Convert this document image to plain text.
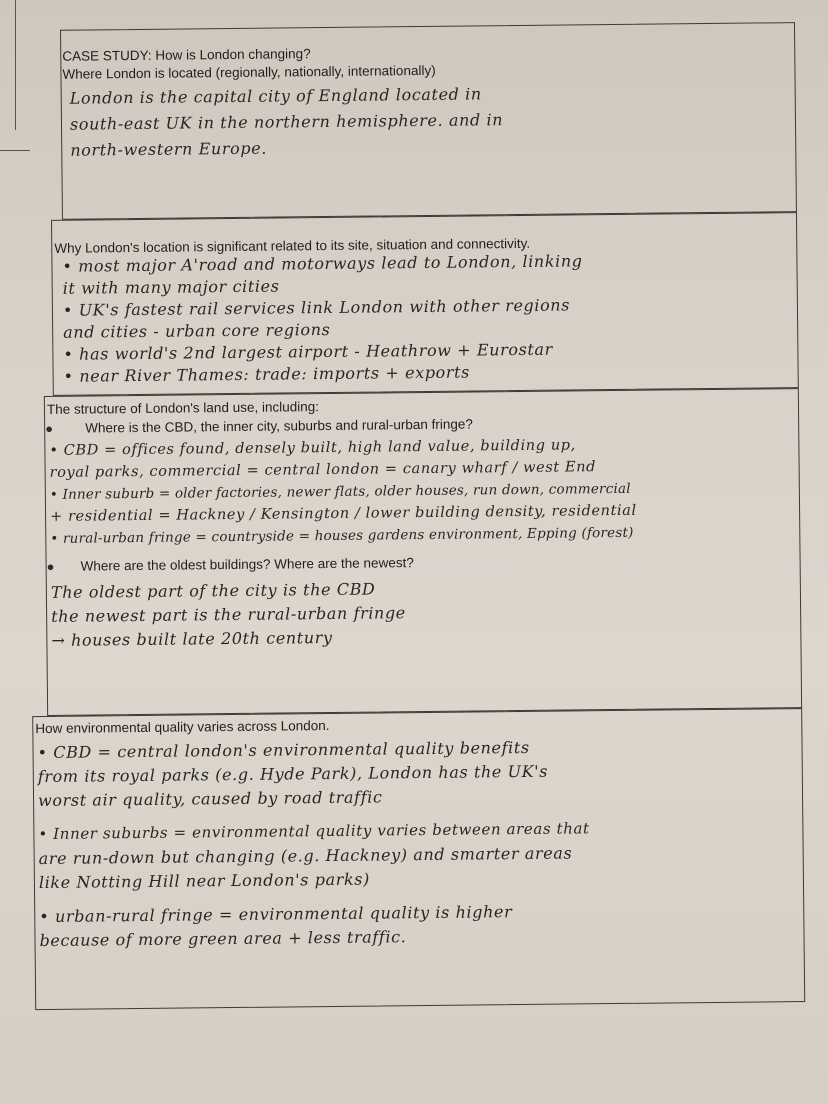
CASE STUDY: How is London changing?
Where London is located (regionally, nationally, internationally)
London is the capital city of England located in
south-east UK in the northern hemisphere. and in
north-western Europe.
Why London's location is significant related to its site, situation and connectivity.
• most major A'road and motorways lead to London, linking
it with many major cities
• UK's fastest rail services link London with other regions
and cities - urban core regions
• has world's 2nd largest airport - Heathrow + Eurostar
• near River Thames: trade: imports + exports
The structure of London's land use, including:
● Where is the CBD, the inner city, suburbs and rural-urban fringe?
• CBD = offices found, densely built, high land value, building up,
royal parks, commercial = central london = canary wharf / west End
• Inner suburb = older factories, newer flats, older houses, run down, commercial
+ residential = Hackney / Kensington / lower building density, residential
• rural-urban fringe = countryside = houses gardens environment, Epping (forest)
● Where are the oldest buildings? Where are the newest?
The oldest part of the city is the CBD
the newest part is the rural-urban fringe
→ houses built late 20th century
How environmental quality varies across London.
• CBD = central london's environmental quality benefits
from its royal parks (e.g. Hyde Park), London has the UK's
worst air quality, caused by road traffic
• Inner suburbs = environmental quality varies between areas that
are run-down but changing (e.g. Hackney) and smarter areas
like Notting Hill near London's parks)
• urban-rural fringe = environmental quality is higher
because of more green area + less traffic.
